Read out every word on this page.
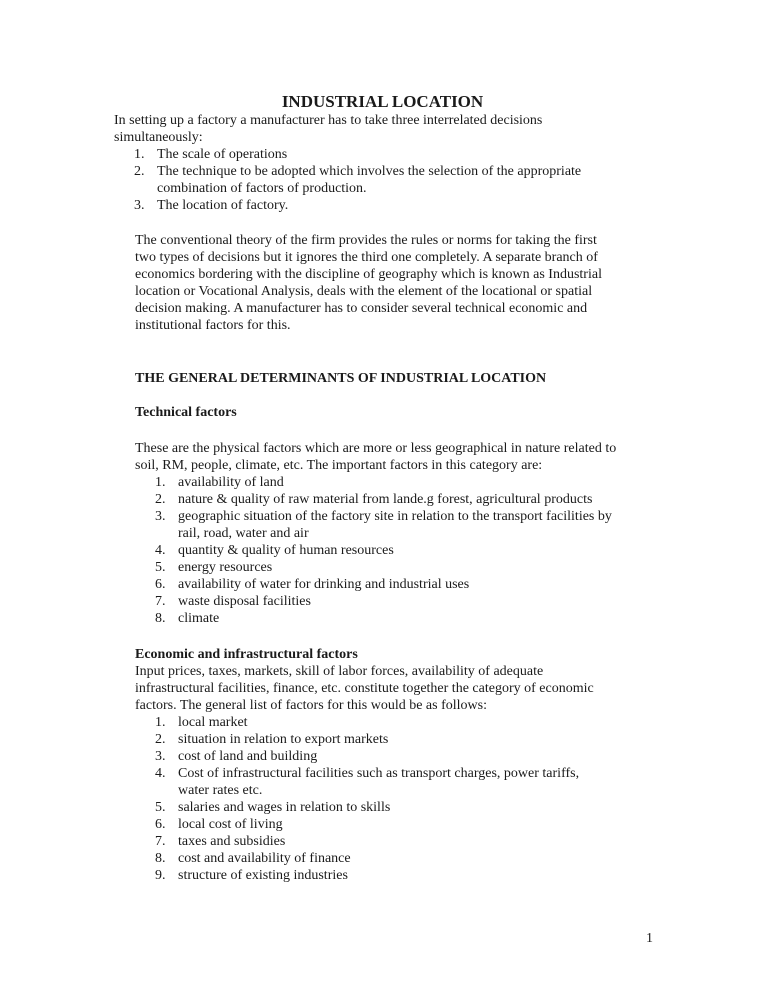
INDUSTRIAL LOCATION
In setting up a factory a manufacturer has to take three interrelated decisions
simultaneously:
1. The scale of operations
2. The technique to be adopted which involves the selection of the appropriate
combination of factors of production.
3. The location of factory.
The conventional theory of the firm provides the rules or norms for taking the first
two types of decisions but it ignores the third one completely. A separate branch of
economics bordering with the discipline of geography which is known as Industrial
location or Vocational Analysis, deals with the element of the locational or spatial
decision making. A manufacturer has to consider several technical economic and
institutional factors for this.
THE GENERAL DETERMINANTS OF INDUSTRIAL LOCATION
Technical factors
These are the physical factors which are more or less geographical in nature related to
soil, RM, people, climate, etc. The important factors in this category are:
1. availability of land
2. nature & quality of raw material from lande.g forest, agricultural products
3. geographic situation of the factory site in relation to the transport facilities by
rail, road, water and air
4. quantity & quality of human resources
5. energy resources
6. availability of water for drinking and industrial uses
7. waste disposal facilities
8. climate
Economic and infrastructural factors
Input prices, taxes, markets, skill of labor forces, availability of adequate
infrastructural facilities, finance, etc. constitute together the category of economic
factors. The general list of factors for this would be as follows:
1. local market
2. situation in relation to export markets
3. cost of land and building
4. Cost of infrastructural facilities such as transport charges, power tariffs,
water rates etc.
5. salaries and wages in relation to skills
6. local cost of living
7. taxes and subsidies
8. cost and availability of finance
9. structure of existing industries
1
